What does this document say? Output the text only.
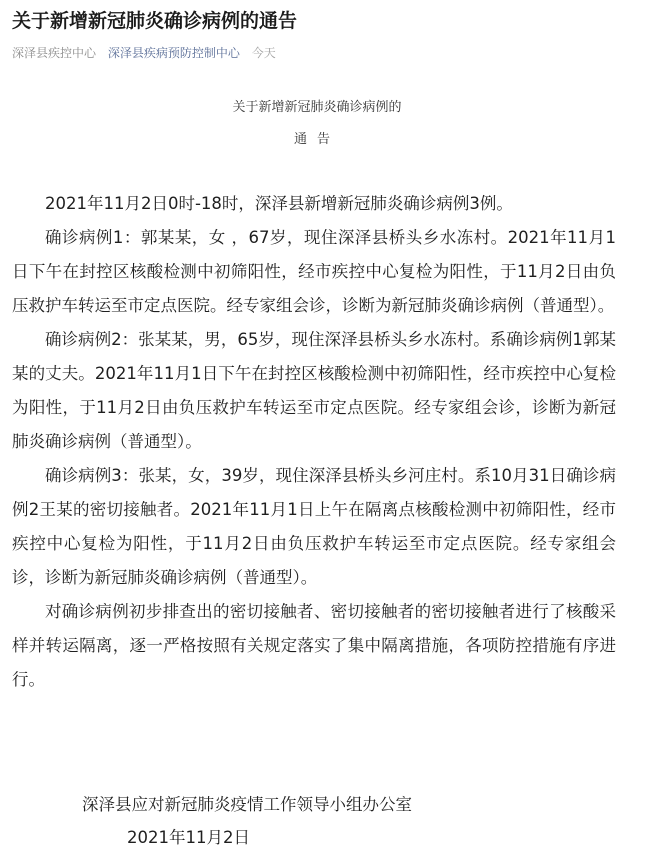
关于新增新冠肺炎确诊病例的通告
深泽县疾控中心 深泽县疾病预防控制中心 今天
关于新增新冠肺炎确诊病例的
通告

2021年11月2日0时-18时，深泽县新增新冠肺炎确诊病例3例。

确诊病例1：郭某某，女 ，67岁，现住深泽县桥头乡水冻村。2021年11月1日下午在封控区核酸检测中初筛阳性，经市疾控中心复检为阳性，于11月2日由负压救护车转运至市定点医院。经专家组会诊，诊断为新冠肺炎确诊病例（普通型）。

确诊病例2：张某某，男，65岁，现住深泽县桥头乡水冻村。系确诊病例1郭某某的丈夫。2021年11月1日下午在封控区核酸检测中初筛阳性，经市疾控中心复检为阳性，于11月2日由负压救护车转运至市定点医院。经专家组会诊，诊断为新冠肺炎确诊病例（普通型）。

确诊病例3：张某，女，39岁，现住深泽县桥头乡河庄村。系10月31日确诊病例2王某的密切接触者。2021年11月1日上午在隔离点核酸检测中初筛阳性，经市疾控中心复检为阳性，于11月2日由负压救护车转运至市定点医院。经专家组会诊，诊断为新冠肺炎确诊病例（普通型）。

对确诊病例初步排查出的密切接触者、密切接触者的密切接触者进行了核酸采样并转运隔离，逐一严格按照有关规定落实了集中隔离措施，各项防控措施有序进行。

深泽县应对新冠肺炎疫情工作领导小组办公室
2021年11月2日
